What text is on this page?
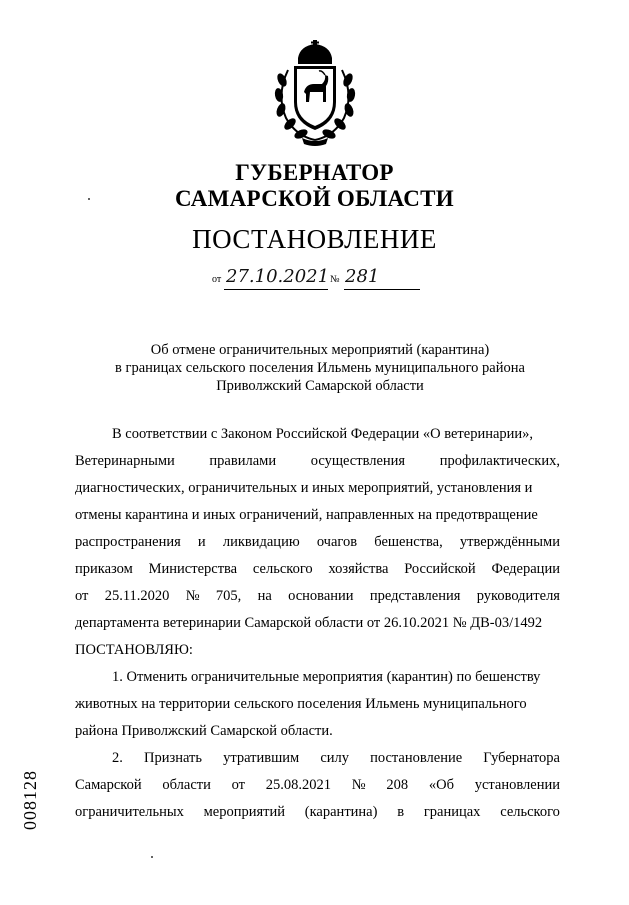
ГУБЕРНАТОР
САМАРСКОЙ ОБЛАСТИ
ПОСТАНОВЛЕНИЕ
от 27.10.2021 № 281
Об отмене ограничительных мероприятий (карантина)
в границах сельского поселения Ильмень муниципального района
Приволжский Самарской области
В соответствии с Законом Российской Федерации «О ветеринарии»,
Ветеринарными правилами осуществления профилактических,
диагностических, ограничительных и иных мероприятий, установления и
отмены карантина и иных ограничений, направленных на предотвращение
распространения и ликвидацию очагов бешенства, утверждёнными
приказом Министерства сельского хозяйства Российской Федерации
от 25.11.2020 № 705, на основании представления руководителя
департамента ветеринарии Самарской области от 26.10.2021 № ДВ-03/1492
ПОСТАНОВЛЯЮ:
1. Отменить ограничительные мероприятия (карантин) по бешенству
животных на территории сельского поселения Ильмень муниципального
района Приволжский Самарской области.
2. Признать утратившим силу постановление Губернатора
Самарской области от 25.08.2021 № 208 «Об установлении
ограничительных мероприятий (карантина) в границах сельского
008128
